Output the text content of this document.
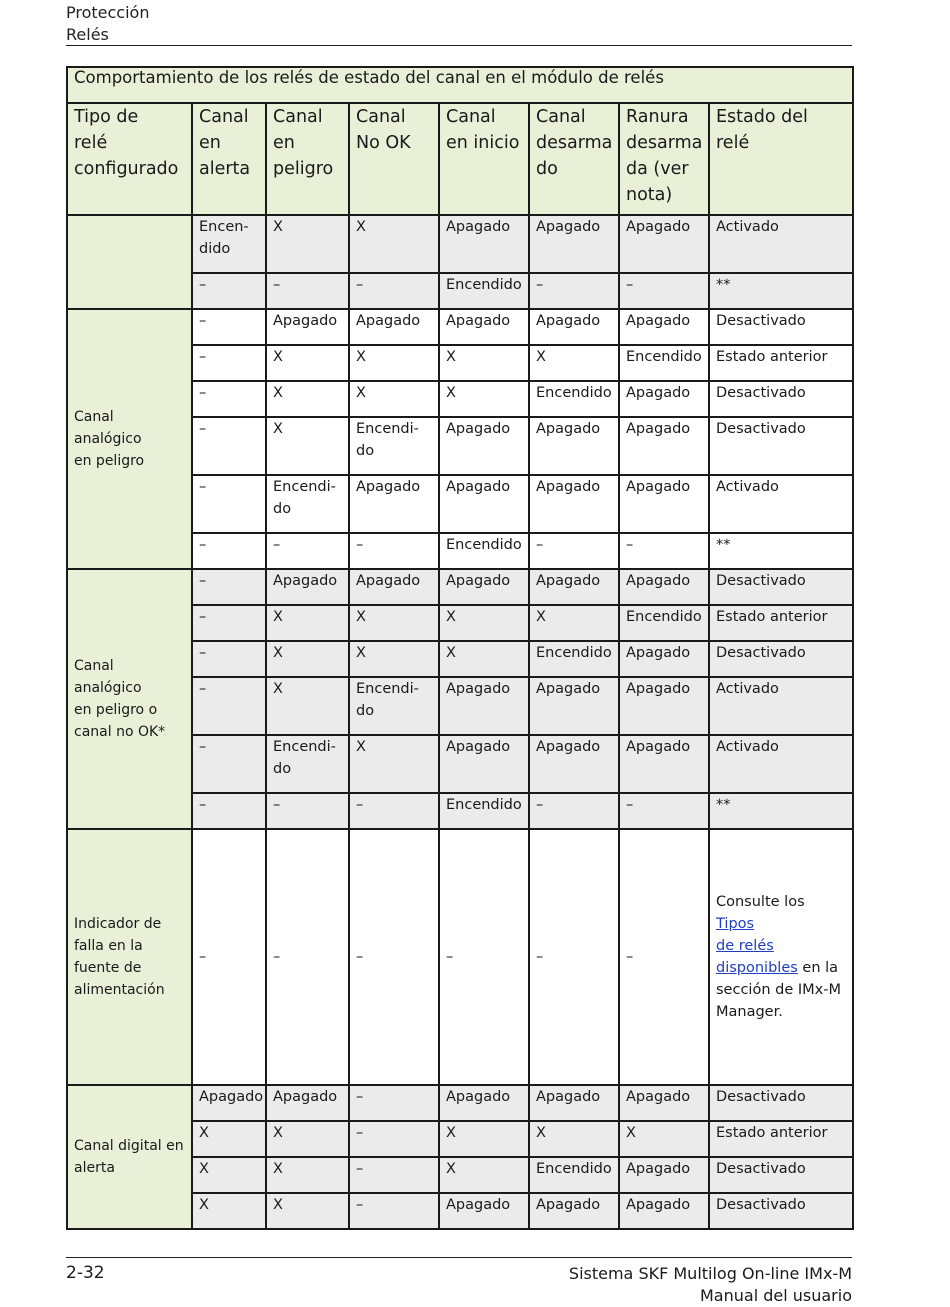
Protección
Relés
Comportamiento de los relés de estado del canal en el módulo de relés							
Tipo de
relé
configurado	Canal
en
alerta	Canal
en
peligro	Canal
No OK	Canal
en inicio	Canal
desarma
do	Ranura
desarma
da (ver
nota)	Estado del relé
	Encen-
dido	X	X	Apagado	Apagado	Apagado	Activado
	–	–	–	Encendido	–	–	**
Canal analógico
en peligro	–	Apagado	Apagado	Apagado	Apagado	Apagado	Desactivado
	–	X	X	X	X	Encendido	Estado anterior
	–	X	X	X	Encendido	Apagado	Desactivado
	–	X	Encendi-
do	Apagado	Apagado	Apagado	Desactivado
	–	Encendi-
do	Apagado	Apagado	Apagado	Apagado	Activado
	–	–	–	Encendido	–	–	**
Canal analógico
en peligro o
canal no OK*	–	Apagado	Apagado	Apagado	Apagado	Apagado	Desactivado
	–	X	X	X	X	Encendido	Estado anterior
	–	X	X	X	Encendido	Apagado	Desactivado
	–	X	Encendi-
do	Apagado	Apagado	Apagado	Activado
	–	Encendi-
do	X	Apagado	Apagado	Apagado	Activado
	–	–	–	Encendido	–	–	**
Indicador de
falla en la
fuente de
alimentación	–	–	–	–	–	–	Consulte los Tipos
de relés
disponibles en la
sección de IMx-M
Manager.
Canal digital en
alerta	Apagado	Apagado	–	Apagado	Apagado	Apagado	Desactivado
	X	X	–	X	X	X	Estado anterior
	X	X	–	X	Encendido	Apagado	Desactivado
	X	X	–	Apagado	Apagado	Apagado	Desactivado
2-32	Sistema SKF Multilog On-line IMx-M
Manual del usuario
